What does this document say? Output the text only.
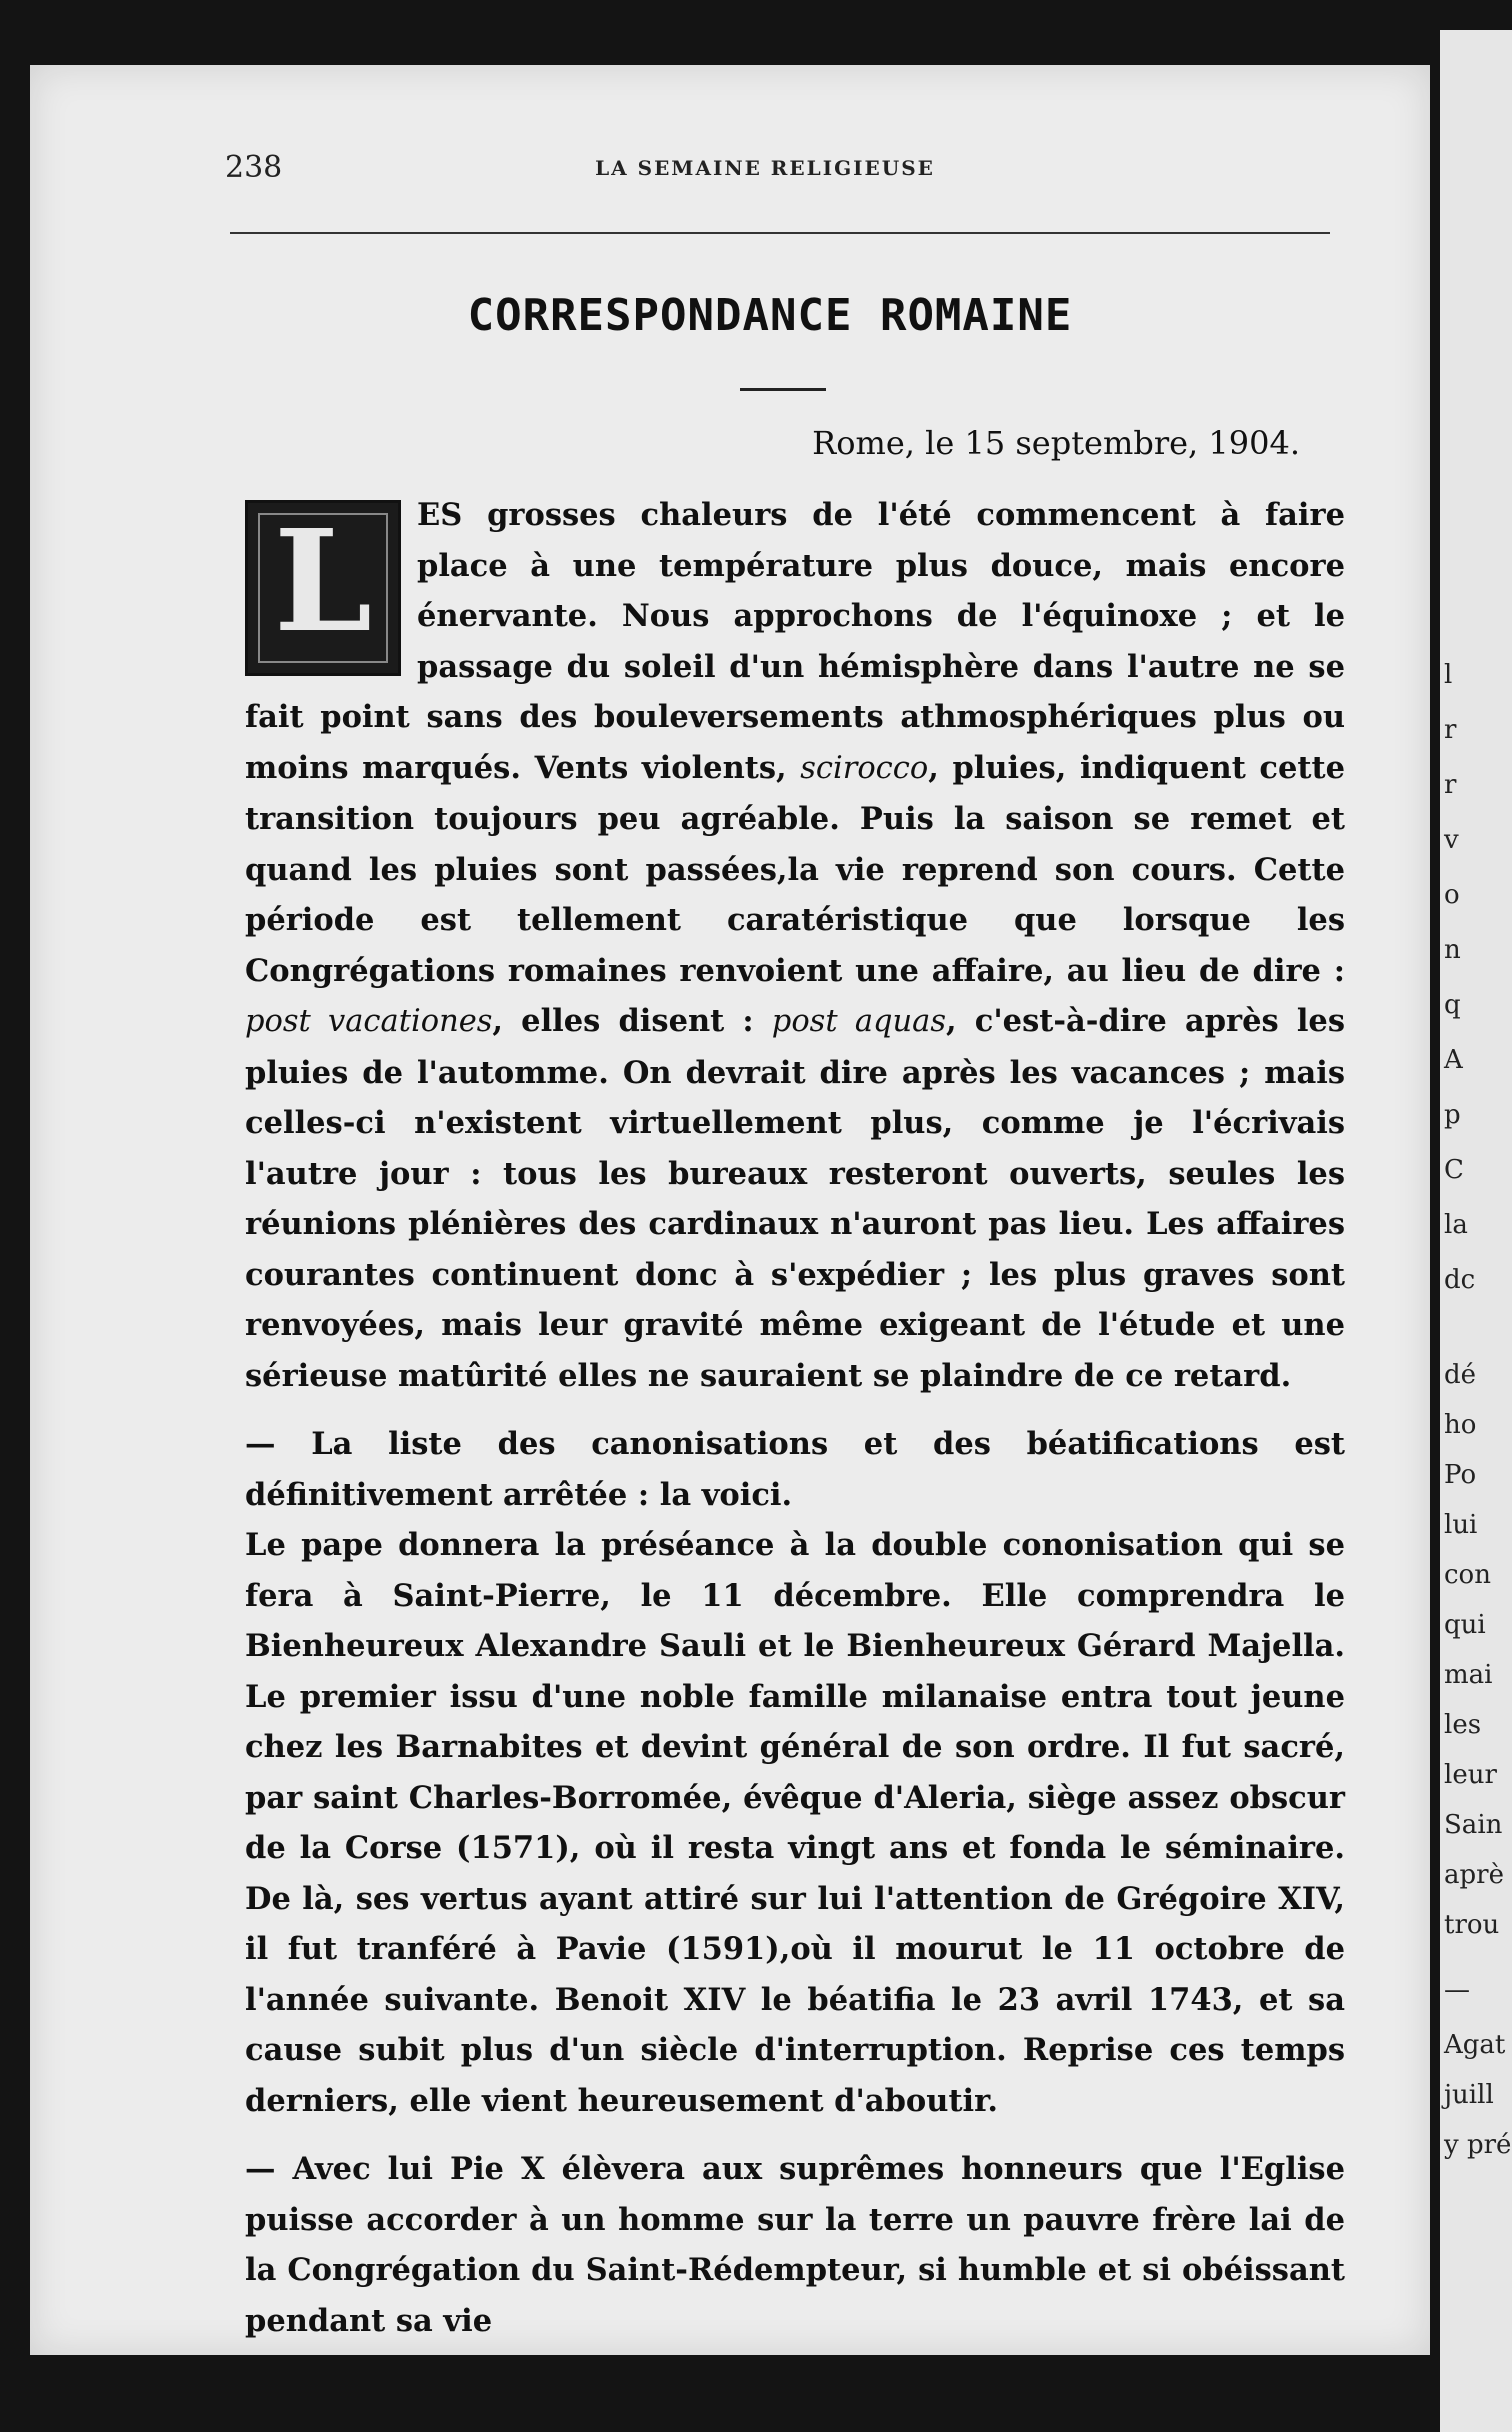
238	LA SEMAINE RELIGIEUSE
CORRESPONDANCE ROMAINE
Rome, le 15 septembre, 1904.

L	ES grosses chaleurs de l'été commencent à faire place à une température plus douce, mais encore énervante. Nous approchons de l'équinoxe ; et le passage du soleil d'un hémisphère dans l'autre ne se fait point sans des bouleversements athmosphériques plus ou moins marqués. Vents violents, scirocco, pluies, indiquent cette transition toujours peu agréable. Puis la saison se remet et quand les pluies sont passées,la vie reprend son cours. Cette période est tellement caratéristique que lorsque les Congrégations romaines renvoient une affaire, au lieu de dire : post vacationes, elles disent : post aquas, c'est-à-dire après les pluies de l'automme. On devrait dire après les vacances ; mais celles-ci n'existent virtuellement plus, comme je l'écrivais l'autre jour : tous les bureaux resteront ouverts, seules les réunions plénières des cardinaux n'auront pas lieu. Les affaires courantes continuent donc à s'expédier ; les plus graves sont renvoyées, mais leur gravité même exigeant de l'étude et une sérieuse matûrité elles ne sauraient se plaindre de ce retard.

— La liste des canonisations et des béatifications est définitivement arrêtée : la voici.

Le pape donnera la préséance à la double cononisation qui se fera à Saint-Pierre, le 11 décembre. Elle comprendra le Bienheureux Alexandre Sauli et le Bienheureux Gérard Majella. Le premier issu d'une noble famille milanaise entra tout jeune chez les Barnabites et devint général de son ordre. Il fut sacré, par saint Charles-Borromée, évêque d'Aleria, siège assez obscur de la Corse (1571), où il resta vingt ans et fonda le séminaire. De là, ses vertus ayant attiré sur lui l'attention de Grégoire XIV, il fut tranféré à Pavie (1591),où il mourut le 11 octobre de l'année suivante. Benoit XIV le béatifia le 23 avril 1743, et sa cause subit plus d'un siècle d'interruption. Reprise ces temps derniers, elle vient heureusement d'aboutir.

— Avec lui Pie X élèvera aux suprêmes honneurs que l'Eglise puisse accorder à un homme sur la terre un pauvre frère lai de la Congrégation du Saint-Rédempteur, si humble et si obéissant pendant sa vie

l
r
r
v
o
n
q
A
p
C
la
dc
dé
ho
Po
lui
con
qui
mai
les
leur
Sain
aprè
trou
—
Agat
juill
y pré
